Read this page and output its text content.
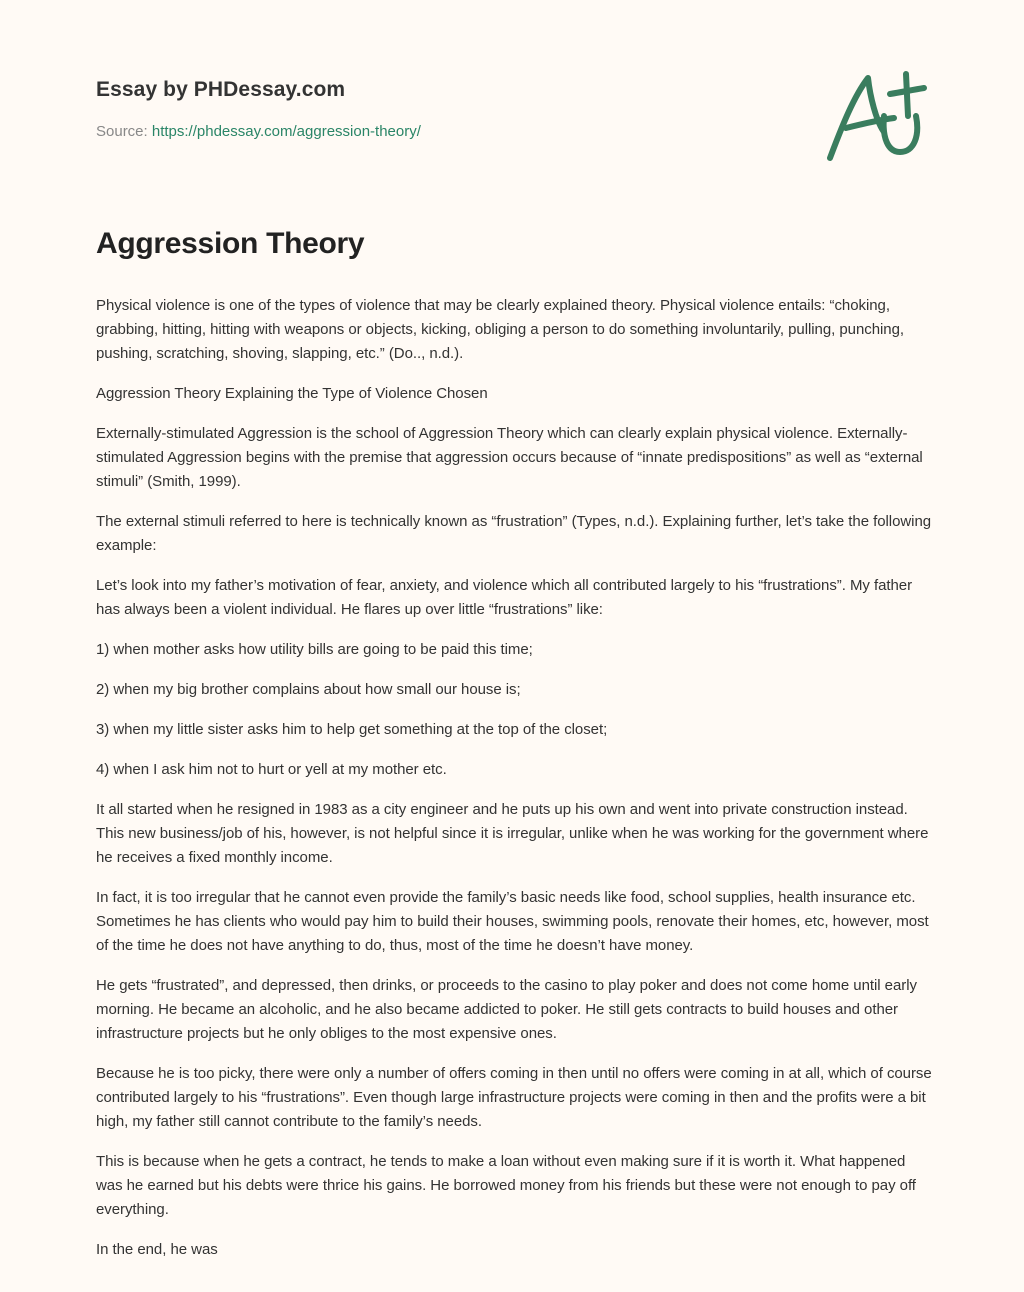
Essay by PHDessay.com
Source: https://phdessay.com/aggression-theory/
Aggression Theory

Physical violence is one of the types of violence that may be clearly explained theory. Physical violence entails: “choking, grabbing, hitting, hitting with weapons or objects, kicking, obliging a person to do something involuntarily, pulling, punching, pushing, scratching, shoving, slapping, etc.” (Do.., n.d.).

Aggression Theory Explaining the Type of Violence Chosen

Externally-stimulated Aggression is the school of Aggression Theory which can clearly explain physical violence. Externally-stimulated Aggression begins with the premise that aggression occurs because of “innate predispositions” as well as “external stimuli” (Smith, 1999).

The external stimuli referred to here is technically known as “frustration” (Types, n.d.). Explaining further, let’s take the following example:

Let’s look into my father’s motivation of fear, anxiety, and violence which all contributed largely to his “frustrations”. My father has always been a violent individual. He flares up over little “frustrations” like:

1) when mother asks how utility bills are going to be paid this time;

2) when my big brother complains about how small our house is;

3) when my little sister asks him to help get something at the top of the closet;

4) when I ask him not to hurt or yell at my mother etc.

It all started when he resigned in 1983 as a city engineer and he puts up his own and went into private construction instead. This new business/job of his, however, is not helpful since it is irregular, unlike when he was working for the government where he receives a fixed monthly income.

In fact, it is too irregular that he cannot even provide the family’s basic needs like food, school supplies, health insurance etc. Sometimes he has clients who would pay him to build their houses, swimming pools, renovate their homes, etc, however, most of the time he does not have anything to do, thus, most of the time he doesn’t have money.

He gets “frustrated”, and depressed, then drinks, or proceeds to the casino to play poker and does not come home until early morning. He became an alcoholic, and he also became addicted to poker. He still gets contracts to build houses and other infrastructure projects but he only obliges to the most expensive ones.

Because he is too picky, there were only a number of offers coming in then until no offers were coming in at all, which of course contributed largely to his “frustrations”. Even though large infrastructure projects were coming in then and the profits were a bit high, my father still cannot contribute to the family’s needs.

This is because when he gets a contract, he tends to make a loan without even making sure if it is worth it. What happened was he earned but his debts were thrice his gains. He borrowed money from his friends but these were not enough to pay off everything.

In the end, he was
